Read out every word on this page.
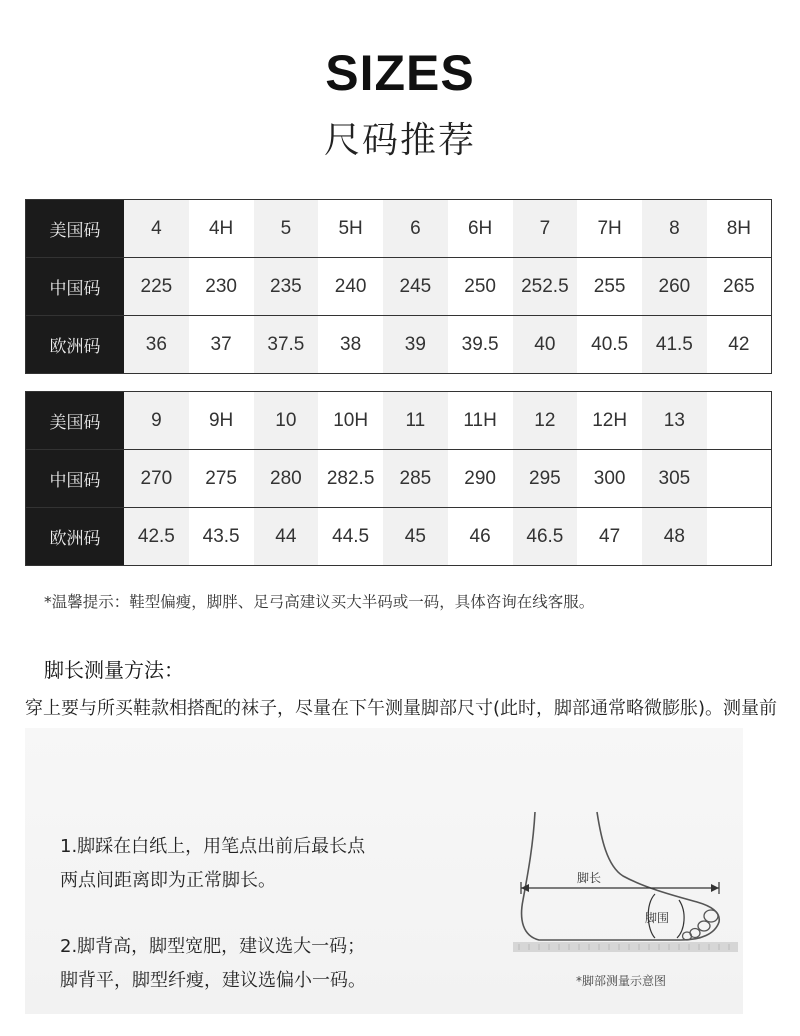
SIZES
尺码推荐
美国码	4	4H	5	5H	6	6H	7	7H	8	8H
中国码	225	230	235	240	245	250	252.5	255	260	265
欧洲码	36	37	37.5	38	39	39.5	40	40.5	41.5	42
美国码	9	9H	10	10H	11	11H	12	12H	13	
中国码	270	275	280	282.5	285	290	295	300	305	
欧洲码	42.5	43.5	44	44.5	45	46	46.5	47	48	
*温馨提示：鞋型偏瘦，脚胖、足弓高建议买大半码或一码，具体咨询在线客服。
脚长测量方法：
穿上要与所买鞋款相搭配的袜子，尽量在下午测量脚部尺寸(此时，脚部通常略微膨胀)。测量前
1.脚踩在白纸上，用笔点出前后最长点
两点间距离即为正常脚长。
2.脚背高，脚型宽肥，建议选大一码；
脚背平，脚型纤瘦，建议选偏小一码。
脚长
脚围
*脚部测量示意图
